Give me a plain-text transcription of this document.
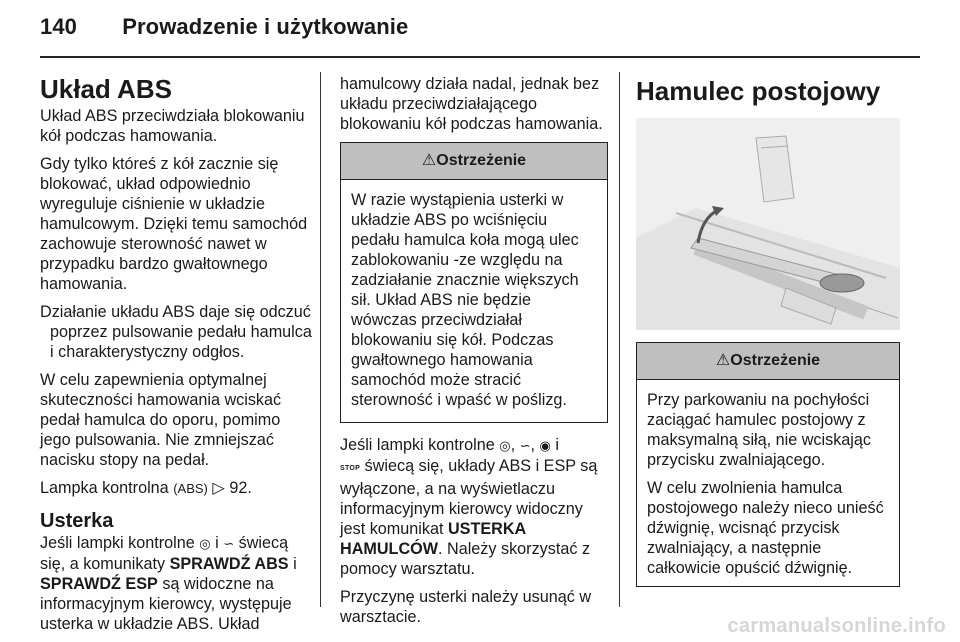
140 Prowadzenie i użytkowanie
Układ ABS

Układ ABS przeciwdziała blokowaniu kół podczas hamowania.

Gdy tylko któreś z kół zacznie się blokować, układ odpowiednio wyreguluje ciśnienie w układzie hamulcowym. Dzięki temu samochód zachowuje sterowność nawet w przypadku bardzo gwałtownego hamowania.

Działanie układu ABS daje się odczuć poprzez pulsowanie pedału hamulca i charakterystyczny odgłos.

W celu zapewnienia optymalnej skuteczności hamowania wciskać pedał hamulca do oporu, pomimo jego pulsowania. Nie zmniejszać nacisku stopy na pedał.

Lampka kontrolna (ABS) ▷ 92.

Usterka

Jeśli lampki kontrolne ◎ i ∽ świecą się, a komunikaty SPRAWDŹ ABS i SPRAWDŹ ESP są widoczne na informacyjnym kierowcy, występuje usterka w układzie ABS. Układ

hamulcowy działa nadal, jednak bez układu przeciwdziałającego blokowaniu kół podczas hamowania.

⚠Ostrzeżenie

W razie wystąpienia usterki w układzie ABS po wciśnięciu pedału hamulca koła mogą ulec zablokowaniu -ze względu na zadziałanie znacznie większych sił. Układ ABS nie będzie wówczas przeciwdziałał blokowaniu się kół. Podczas gwałtownego hamowania samochód może stracić sterowność i wpaść w poślizg.

Jeśli lampki kontrolne ◎, ∽, ◉ i
STOP świecą się, układy ABS i ESP są wyłączone, a na wyświetlaczu informacyjnym kierowcy widoczny jest komunikat USTERKA HAMULCÓW. Należy skorzystać z pomocy warsztatu.

Przyczynę usterki należy usunąć w warsztacie.

Hamulec postojowy
⚠Ostrzeżenie

Przy parkowaniu na pochyłości zaciągać hamulec postojowy z maksymalną siłą, nie wciskając przycisku zwalniającego.

W celu zwolnienia hamulca postojowego należy nieco unieść dźwignię, wcisnąć przycisk zwalniający, a następnie całkowicie opuścić dźwignię.

carmanualsonline.info
